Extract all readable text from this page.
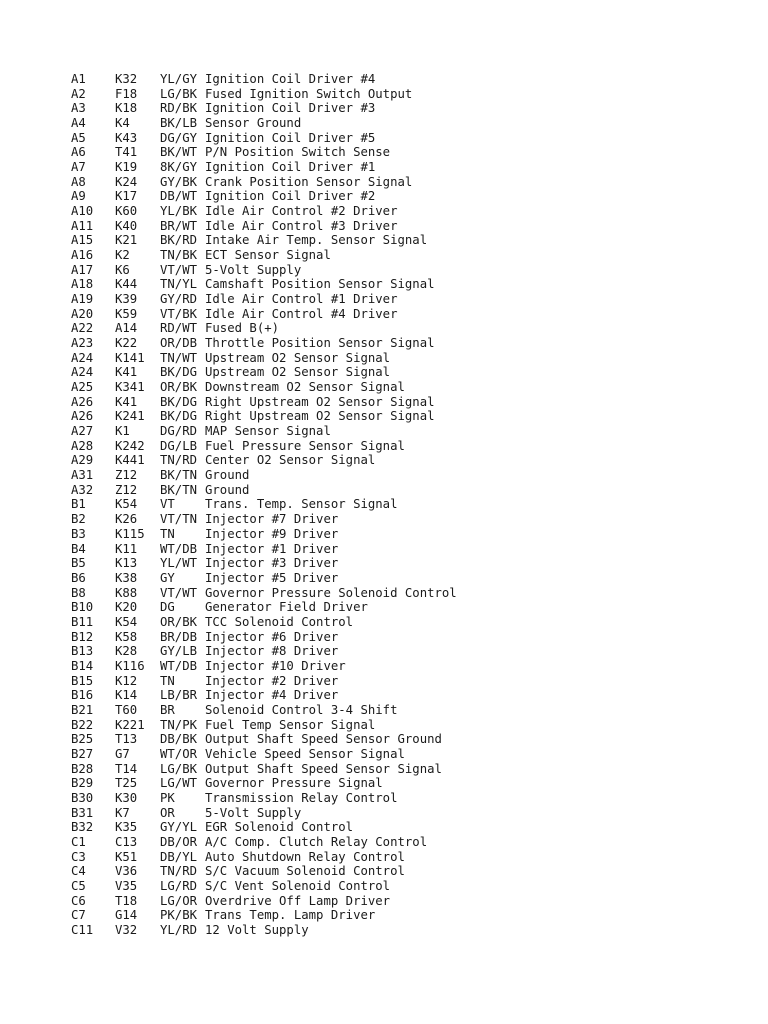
A1	K32	YL/GY Ignition Coil Driver #4
A2	F18	LG/BK Fused Ignition Switch Output
A3	K18	RD/BK Ignition Coil Driver #3
A4	K4	BK/LB Sensor Ground
A5	K43	DG/GY Ignition Coil Driver #5
A6	T41	BK/WT P/N Position Switch Sense
A7	K19	8K/GY Ignition Coil Driver #1
A8	K24	GY/BK Crank Position Sensor Signal
A9	K17	DB/WT Ignition Coil Driver #2
A10	K60	YL/BK Idle Air Control #2 Driver
A11	K40	BR/WT Idle Air Control #3 Driver
A15	K21	BK/RD Intake Air Temp. Sensor Signal
A16	K2	TN/BK ECT Sensor Signal
A17	K6	VT/WT 5-Volt Supply
A18	K44	TN/YL Camshaft Position Sensor Signal
A19	K39	GY/RD Idle Air Control #1 Driver
A20	K59	VT/BK Idle Air Control #4 Driver
A22	A14	RD/WT Fused B(+)
A23	K22	OR/DB Throttle Position Sensor Signal
A24	K141	TN/WT Upstream O2 Sensor Signal
A24	K41	BK/DG Upstream O2 Sensor Signal
A25	K341	OR/BK Downstream O2 Sensor Signal
A26	K41	BK/DG Right Upstream O2 Sensor Signal
A26	K241	BK/DG Right Upstream O2 Sensor Signal
A27	K1	DG/RD MAP Sensor Signal
A28	K242	DG/LB Fuel Pressure Sensor Signal
A29	K441	TN/RD Center O2 Sensor Signal
A31	Z12	BK/TN Ground
A32	Z12	BK/TN Ground
B1	K54	VT	Trans. Temp. Sensor Signal
B2	K26	VT/TN Injector #7 Driver
B3	K115	TN	Injector #9 Driver
B4	K11	WT/DB Injector #1 Driver
B5	K13	YL/WT Injector #3 Driver
B6	K38	GY	Injector #5 Driver
B8	K88	VT/WT Governor Pressure Solenoid Control
B10	K20	DG	Generator Field Driver
B11	K54	OR/BK TCC Solenoid Control
B12	K58	BR/DB Injector #6 Driver
B13	K28	GY/LB Injector #8 Driver
B14	K116	WT/DB Injector #10 Driver
B15	K12	TN	Injector #2 Driver
B16	K14	LB/BR Injector #4 Driver
B21	T60	BR	Solenoid Control 3-4 Shift
B22	K221	TN/PK Fuel Temp Sensor Signal
B25	T13	DB/BK Output Shaft Speed Sensor Ground
B27	G7	WT/OR Vehicle Speed Sensor Signal
B28	T14	LG/BK Output Shaft Speed Sensor Signal
B29	T25	LG/WT Governor Pressure Signal
B30	K30	PK	Transmission Relay Control
B31	K7	OR	5-Volt Supply
B32	K35	GY/YL EGR Solenoid Control
C1	C13	DB/OR A/C Comp. Clutch Relay Control
C3	K51	DB/YL Auto Shutdown Relay Control
C4	V36	TN/RD S/C Vacuum Solenoid Control
C5	V35	LG/RD S/C Vent Solenoid Control
C6	T18	LG/OR Overdrive Off Lamp Driver
C7	G14	PK/BK Trans Temp. Lamp Driver
C11	V32	YL/RD 12 Volt Supply
